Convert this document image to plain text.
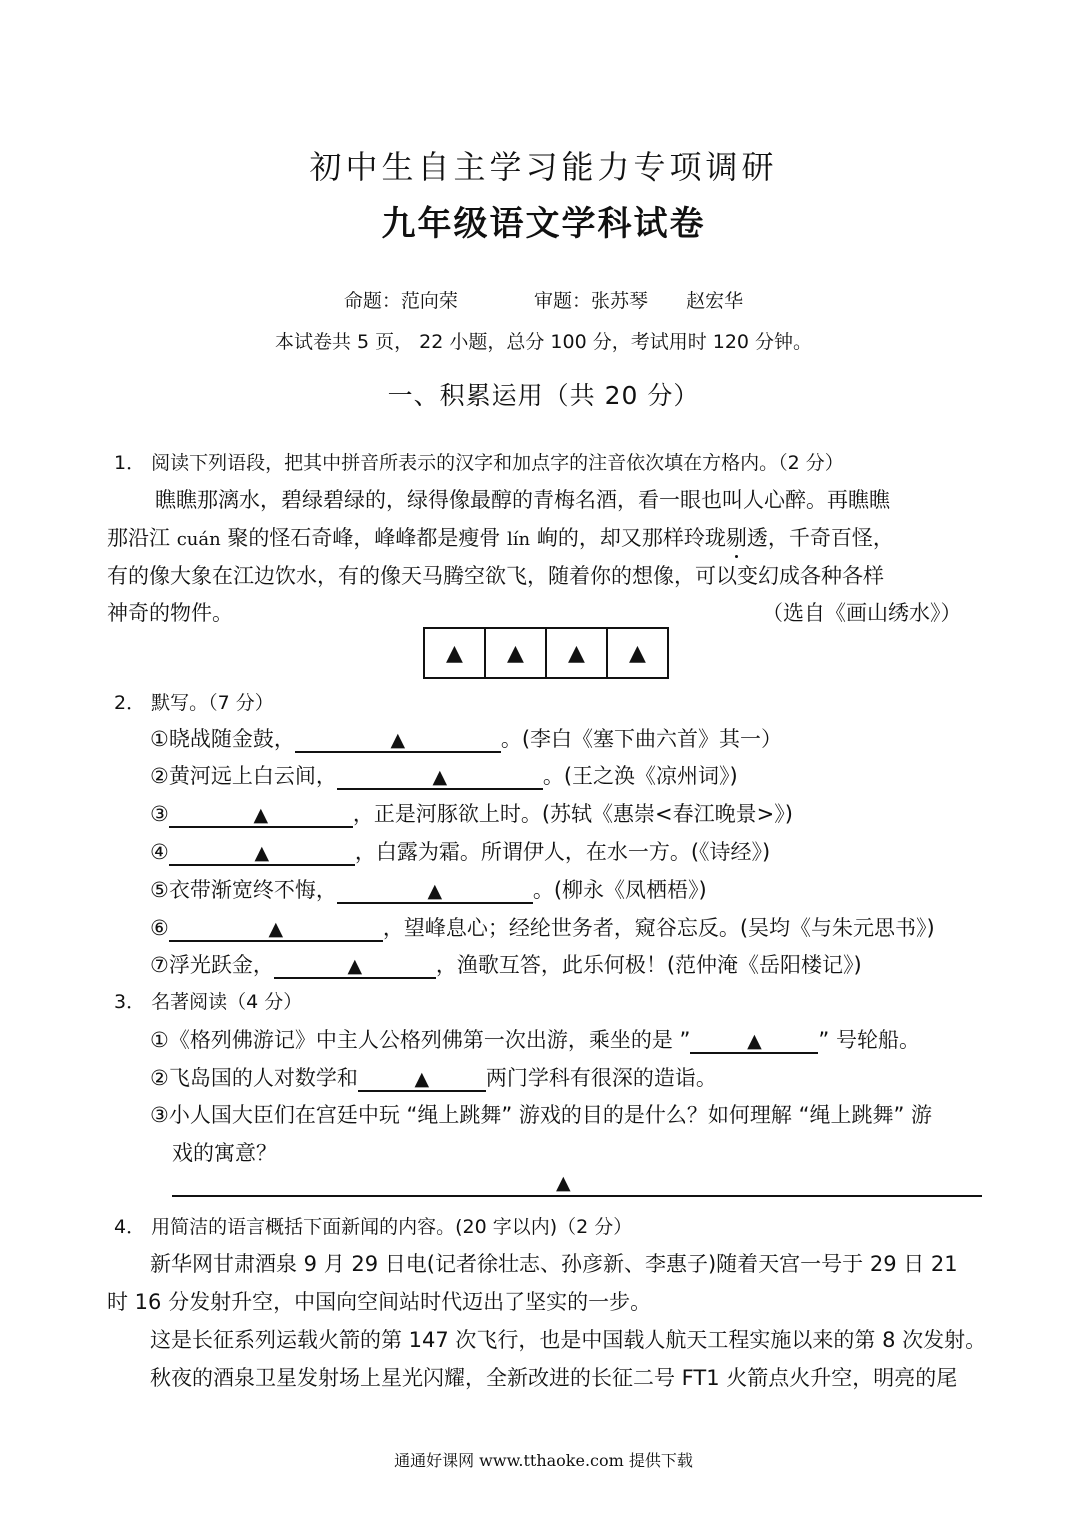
初中生自主学习能力专项调研
九年级语文学科试卷
命题：范向荣	审题：张苏琴 赵宏华
本试卷共 5 页， 22 小题，总分 100 分，考试用时 120 分钟。
一、积累运用（共 20 分）
1． 阅读下列语段，把其中拼音所表示的汉字和加点字的注音依次填在方格内。（2 分）
瞧瞧那漓水，碧绿碧绿的，绿得像最醇的青梅名酒，看一眼也叫人心醉。再瞧瞧
那沿江 cuán 聚的怪石奇峰，峰峰都是瘦骨 lín 峋的，却又那样玲珑剔透，千奇百怪，
有的像大象在江边饮水，有的像天马腾空欲飞，随着你的想像，可以变幻成各种各样
神奇的物件。	（选自《画山绣水》）
▲	▲	▲	▲
2． 默写。（7 分）
①晓战随金鼓，	▲	。(李白《塞下曲六首》其一）
②黄河远上白云间，	▲	。(王之涣《凉州词》)
③	▲	，正是河豚欲上时。(苏轼《惠崇<春江晚景>》)
④	▲	，白露为霜。所谓伊人，在水一方。(《诗经》)
⑤衣带渐宽终不悔，	▲	。(柳永《凤栖梧》)
⑥	▲	，望峰息心；经纶世务者，窥谷忘反。(吴均《与朱元思书》)
⑦浮光跃金，	▲	，渔歌互答，此乐何极！(范仲淹《岳阳楼记》)
3． 名著阅读（4 分）
①《格列佛游记》中主人公格列佛第一次出游，乘坐的是 ”	▲	” 号轮船。
②飞岛国的人对数学和	▲	两门学科有很深的造诣。
③小人国大臣们在宫廷中玩 “绳上跳舞” 游戏的目的是什么？如何理解 “绳上跳舞” 游
戏的寓意？
▲
4． 用简洁的语言概括下面新闻的内容。(20 字以内)（2 分）
新华网甘肃酒泉 9 月 29 日电(记者徐壮志、孙彦新、李惠子)随着天宫一号于 29 日 21
时 16 分发射升空，中国向空间站时代迈出了坚实的一步。
这是长征系列运载火箭的第 147 次飞行，也是中国载人航天工程实施以来的第 8 次发射。
秋夜的酒泉卫星发射场上星光闪耀，全新改进的长征二号 FT1 火箭点火升空，明亮的尾
通通好课网 www.tthaoke.com 提供下载
